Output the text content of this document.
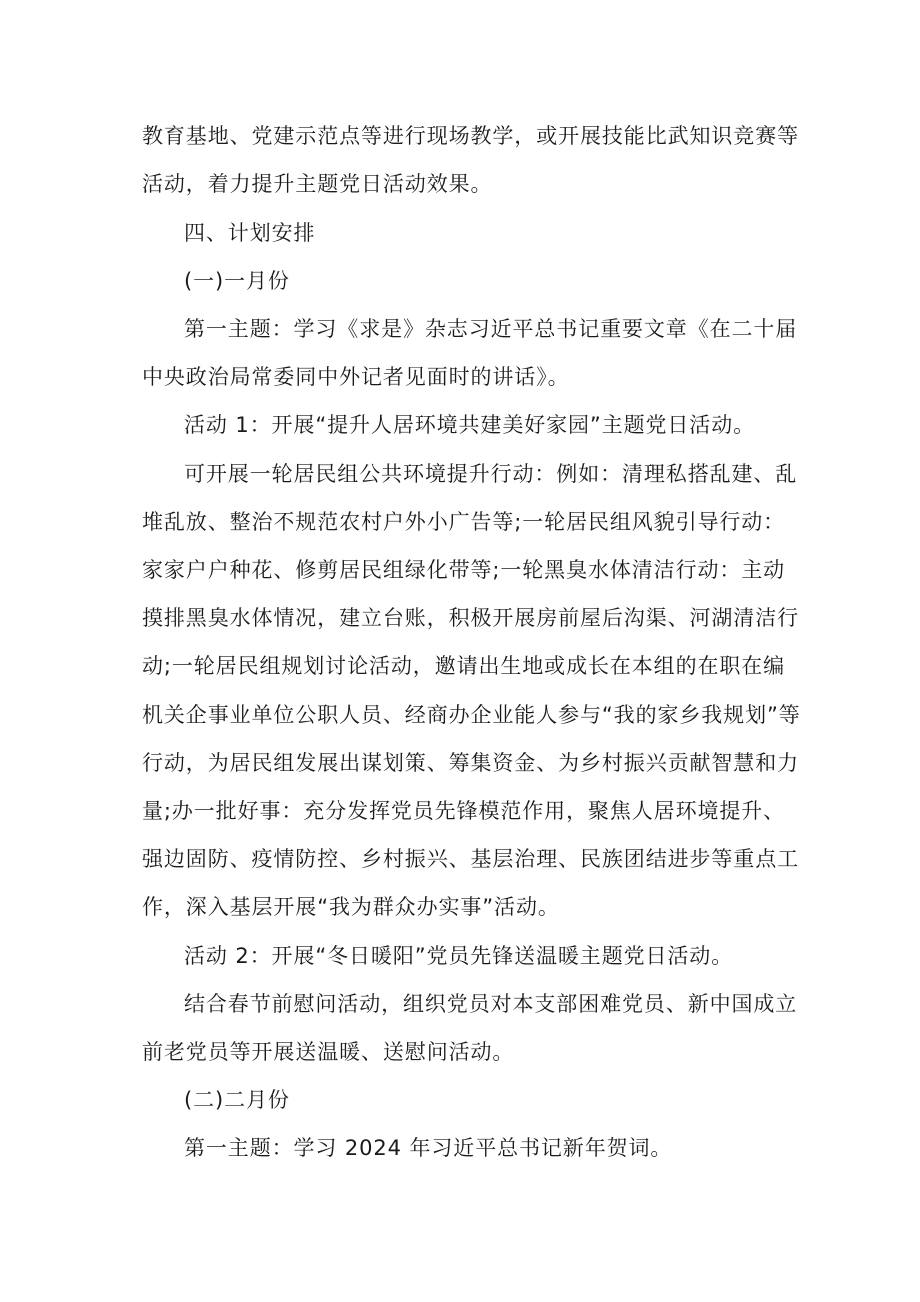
教育基地、党建示范点等进行现场教学，或开展技能比武知识竞赛等
活动，着力提升主题党日活动效果。
四、计划安排
(一)一月份
第一主题：学习《求是》杂志习近平总书记重要文章《在二十届
中央政治局常委同中外记者见面时的讲话》。
活动 1：开展“提升人居环境共建美好家园”主题党日活动。
可开展一轮居民组公共环境提升行动：例如：清理私搭乱建、乱
堆乱放、整治不规范农村户外小广告等;一轮居民组风貌引导行动：
家家户户种花、修剪居民组绿化带等;一轮黑臭水体清洁行动：主动
摸排黑臭水体情况，建立台账，积极开展房前屋后沟渠、河湖清洁行
动;一轮居民组规划讨论活动，邀请出生地或成长在本组的在职在编
机关企事业单位公职人员、经商办企业能人参与“我的家乡我规划”等
行动，为居民组发展出谋划策、筹集资金、为乡村振兴贡献智慧和力
量;办一批好事：充分发挥党员先锋模范作用，聚焦人居环境提升、
强边固防、疫情防控、乡村振兴、基层治理、民族团结进步等重点工
作，深入基层开展“我为群众办实事”活动。
活动 2：开展“冬日暖阳”党员先锋送温暖主题党日活动。
结合春节前慰问活动，组织党员对本支部困难党员、新中国成立
前老党员等开展送温暖、送慰问活动。
(二)二月份
第一主题：学习 2024 年习近平总书记新年贺词。
